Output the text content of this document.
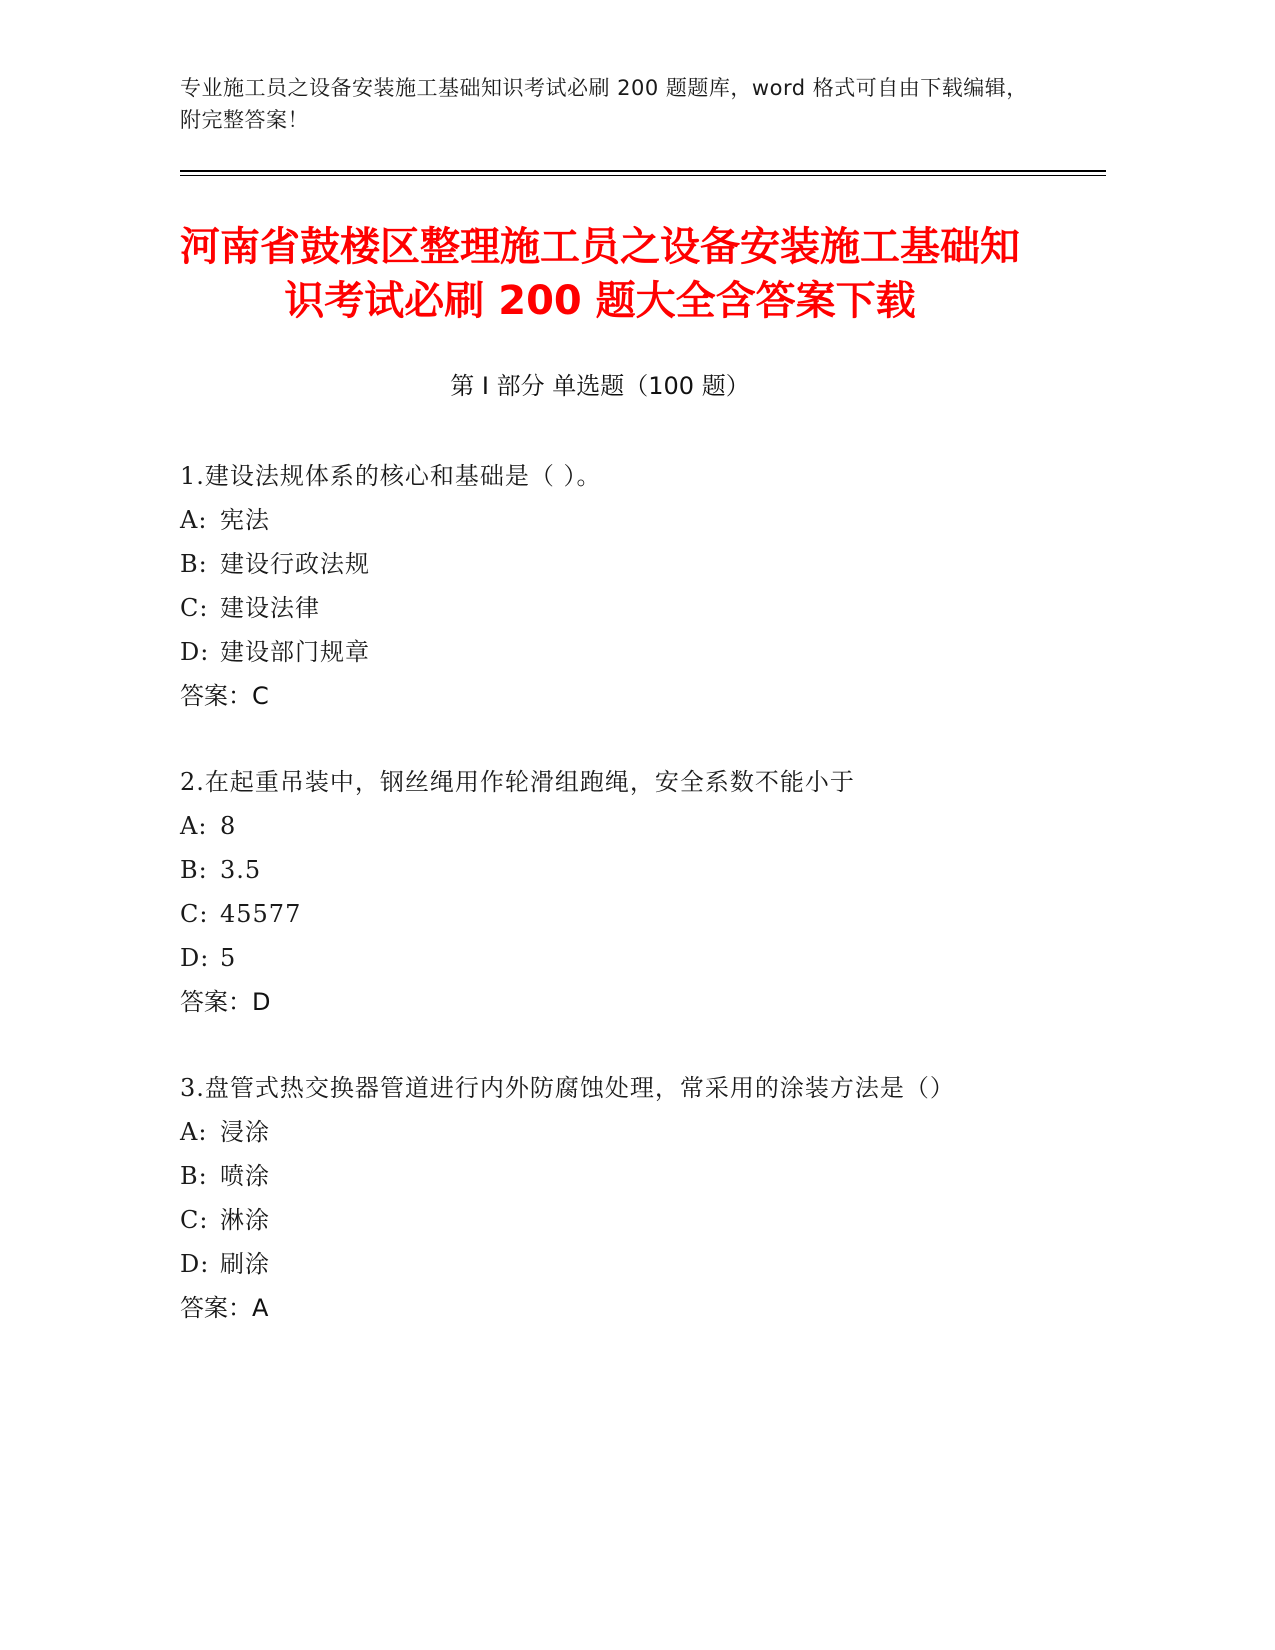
专业施工员之设备安装施工基础知识考试必刷 200 题题库，word 格式可自由下载编辑，附完整答案！
河南省鼓楼区整理施工员之设备安装施工基础知识考试必刷 200 题大全含答案下载
第 I 部分 单选题（100 题）
1.建设法规体系的核心和基础是（ ）。
A: 宪法
B: 建设行政法规
C: 建设法律
D: 建设部门规章
答案：C
2.在起重吊装中，钢丝绳用作轮滑组跑绳，安全系数不能小于
A: 8
B: 3.5
C: 45577
D: 5
答案：D
3.盘管式热交换器管道进行内外防腐蚀处理，常采用的涂装方法是（）
A: 浸涂
B: 喷涂
C: 淋涂
D: 刷涂
答案：A
